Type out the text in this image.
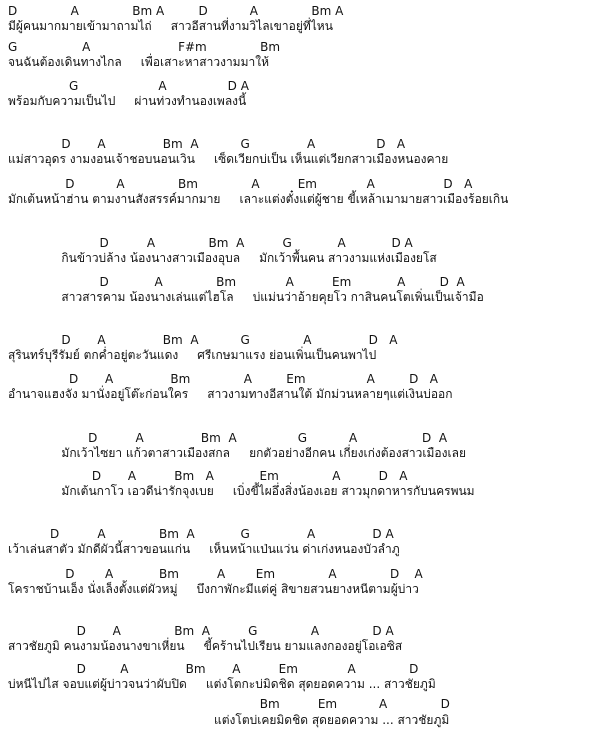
D              A              Bm A         D           A              Bm A
มีผู้คนมากมายเข้ามาถามไถ่     สาวอีสานที่งามวิไลเขาอยู่ที่ไหน
G                 A                       F#m              Bm
จนฉันต้องเดินทางไกล     เพื่อเสาะหาสาวงามมาให้
G                     A                D A
พร้อมกับความเป็นไป     ผ่านท่วงทำนองเพลงนี้
D       A               Bm  A           G               A                D   A
แม่สาวอุดร งามงอนเจ้าชอบนอนเวิน     เซ็ดเวียกบ่เป็น เห็นแต่เวียกสาวเมืองหนองคาย
D           A              Bm              A          Em             A                  D   A
มักเต้นหน้าฮ่าน ตามงานสังสรรค์มากมาย     เลาะแต่งตั๋งแต่ผู้ชาย ขี้เหล้าเมามายสาวเมืองร้อยเกิน
D          A              Bm  A          G            A            D A
กินข้าวบ่ล้าง น้องนางสาวเมืองอุบล     มักเว้าพื้นคน สาวงามแห่งเมืองยโส
D            A              Bm             A          Em            A         D  A
สาวสารคาม น้องนางเล่นแต่ไฮโล     บ่แม่นว่าอ้ายคุยโว กาสินคนโตเพิ่นเป็นเจ้ามือ
D       A               Bm  A           G              A               D   A
สุรินทร์บุรีรัมย์ ตกค่ำอยู่ตะวันแดง     ศรีเกษมาแรง ย่อนเพิ่นเป็นคนพาไป
D       A               Bm              A         Em                A         D   A
อำนาจแฮงจัง มานั่งอยู่โต๊ะก่อนใคร     สาวงามทางอีสานใต้ มักม่วนหลายๆแต่เงินบ่ออก
D          A               Bm  A                G           A                 D  A
มักเว้าไซยา แก้วตาสาวเมืองสกล     ยกตัวอย่างอีกคน เกี่ยงเก่งต้องสาวเมืองเลย
D       A          Bm   A            Em              A          D   A
มักเต้นกาโว เอวดีน่ารักจุงเบย     เบิ่งขี้ไผอึ่งสิ่งน้องเอย สาวมุกดาหารกับนครพนม
D          A              Bm  A            G               A               D A
เว้าเล่นสาตัว มักดีผัวนี้สาวขอนแก่น     เห็นหน้าแป่นแว่น ด่าเก่งหนองบัวลำภู
D        A            Bm          A        Em              A              D    A
โคราชบ้านเอ็ง นั่งเล็งตั้งแต่ผัวหมู่     บึงกาพักะมีแต่คู่ สิขายสวนยางหนีตามผู้บ่าว
D       A              Bm  A          G              A              D A
สาวชัยภูมิ คนงามน้องนางขาเหี่ยน     ขี้คร้านไปเรียน ยามแลงกองอยู่โอเอซิส
D         A               Bm       A          Em             A              D
บ่หนีไปไส จอบแต่ผู้บ่าวจนว่าผับปิด     แต่งโตกะบ่มิดชิด สุดยอดความ ... สาวชัยภูมิ
Bm          Em           A              D
แต่งโตบ่เคยมิดชิด สุดยอดความ ... สาวชัยภูมิ
